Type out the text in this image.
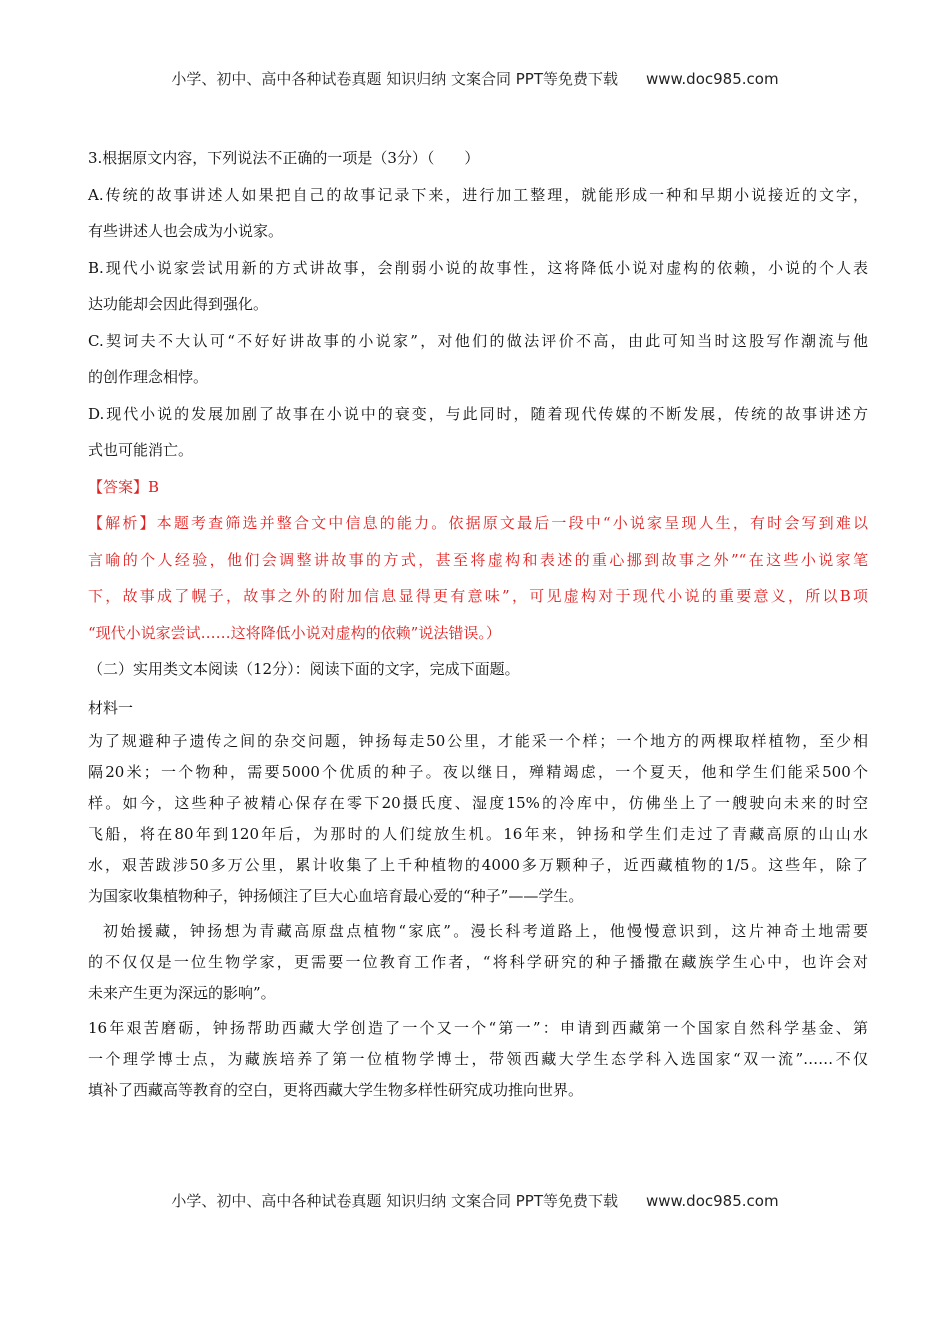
小学、初中、高中各种试卷真题 知识归纳 文案合同 PPT等免费下载 www.doc985.com
3.根据原文内容，下列说法不正确的一项是（3分）（　　）
A.传统的故事讲述人如果把自己的故事记录下来，进行加工整理，就能形成一种和早期小说接近的文字，
有些讲述人也会成为小说家。
B.现代小说家尝试用新的方式讲故事，会削弱小说的故事性，这将降低小说对虚构的依赖，小说的个人表
达功能却会因此得到强化。
C.契诃夫不大认可“不好好讲故事的小说家”，对他们的做法评价不高，由此可知当时这股写作潮流与他
的创作理念相悖。
D.现代小说的发展加剧了故事在小说中的衰变，与此同时，随着现代传媒的不断发展，传统的故事讲述方
式也可能消亡。
【答案】B
【解析】本题考查筛选并整合文中信息的能力。依据原文最后一段中“小说家呈现人生，有时会写到难以
言喻的个人经验，他们会调整讲故事的方式，甚至将虚构和表述的重心挪到故事之外”“在这些小说家笔
下，故事成了幌子，故事之外的附加信息显得更有意味”，可见虚构对于现代小说的重要意义，所以B项
“现代小说家尝试……这将降低小说对虚构的依赖”说法错误。）
（二）实用类文本阅读（12分）：阅读下面的文字，完成下面题。
材料一
为了规避种子遗传之间的杂交问题，钟扬每走50公里，才能采一个样；一个地方的两棵取样植物，至少相
隔20米；一个物种，需要5000个优质的种子。夜以继日，殚精竭虑，一个夏天，他和学生们能采500个
样。如今，这些种子被精心保存在零下20摄氏度、湿度15%的冷库中，仿佛坐上了一艘驶向未来的时空
飞船，将在80年到120年后，为那时的人们绽放生机。16年来，钟扬和学生们走过了青藏高原的山山水
水，艰苦跋涉50多万公里，累计收集了上千种植物的4000多万颗种子，近西藏植物的1/5。这些年，除了
为国家收集植物种子，钟扬倾注了巨大心血培育最心爱的“种子”——学生。
初始援藏，钟扬想为青藏高原盘点植物“家底”。漫长科考道路上，他慢慢意识到，这片神奇土地需要
的不仅仅是一位生物学家，更需要一位教育工作者，“将科学研究的种子播撒在藏族学生心中，也许会对
未来产生更为深远的影响”。
16年艰苦磨砺，钟扬帮助西藏大学创造了一个又一个“第一”：申请到西藏第一个国家自然科学基金、第
一个理学博士点，为藏族培养了第一位植物学博士，带领西藏大学生态学科入选国家“双一流”……不仅
填补了西藏高等教育的空白，更将西藏大学生物多样性研究成功推向世界。
小学、初中、高中各种试卷真题 知识归纳 文案合同 PPT等免费下载 www.doc985.com
